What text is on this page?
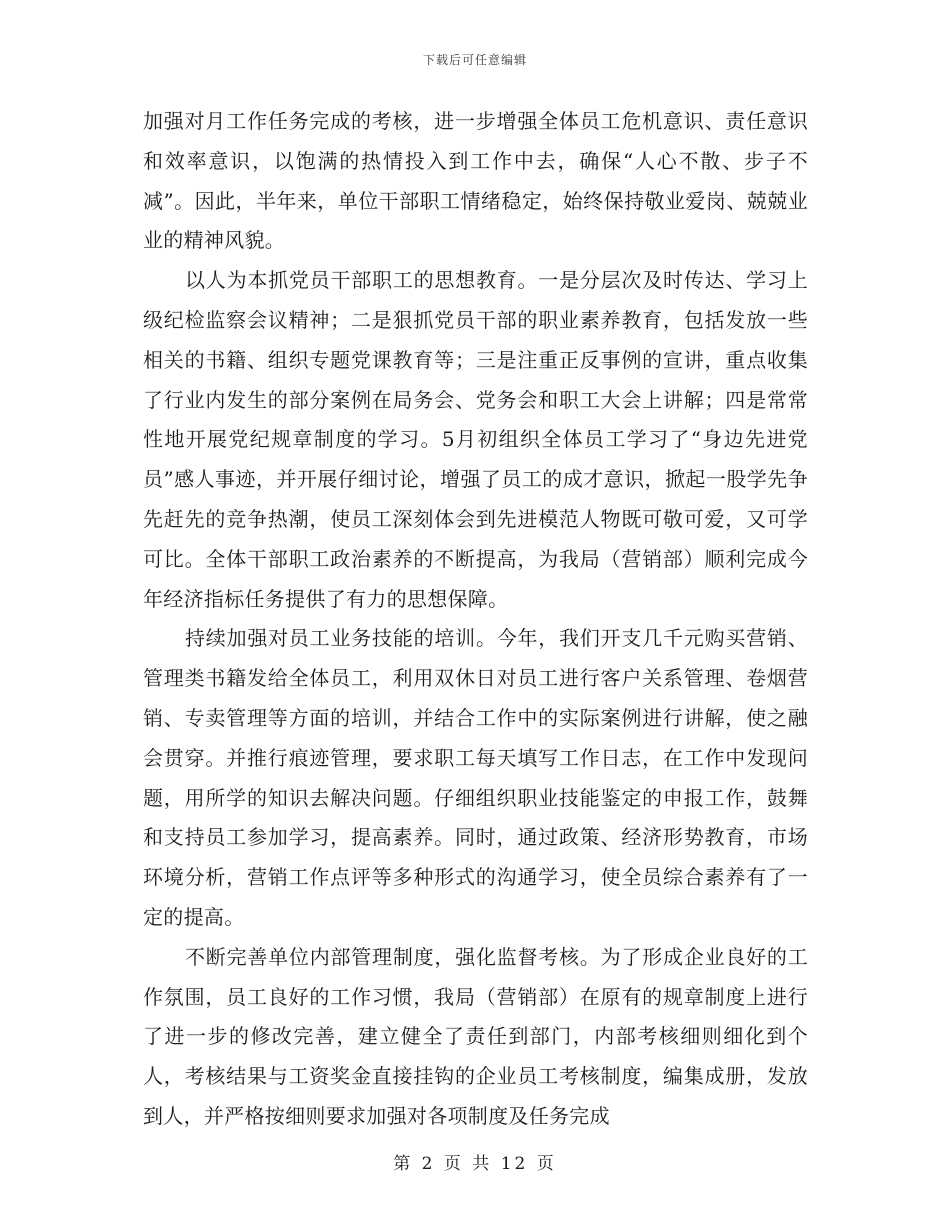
下载后可任意编辑

加强对月工作任务完成的考核，进一步增强全体员工危机意识、责任意识和效率意识，以饱满的热情投入到工作中去，确保“人心不散、步子不减”。因此，半年来，单位干部职工情绪稳定，始终保持敬业爱岗、兢兢业业的精神风貌。

以人为本抓党员干部职工的思想教育。一是分层次及时传达、学习上级纪检监察会议精神；二是狠抓党员干部的职业素养教育，包括发放一些相关的书籍、组织专题党课教育等；三是注重正反事例的宣讲，重点收集了行业内发生的部分案例在局务会、党务会和职工大会上讲解；四是常常性地开展党纪规章制度的学习。5月初组织全体员工学习了“身边先进党员”感人事迹，并开展仔细讨论，增强了员工的成才意识，掀起一股学先争先赶先的竞争热潮，使员工深刻体会到先进模范人物既可敬可爱，又可学可比。全体干部职工政治素养的不断提高，为我局（营销部）顺利完成今年经济指标任务提供了有力的思想保障。

持续加强对员工业务技能的培训。今年，我们开支几千元购买营销、管理类书籍发给全体员工，利用双休日对员工进行客户关系管理、卷烟营销、专卖管理等方面的培训，并结合工作中的实际案例进行讲解，使之融会贯穿。并推行痕迹管理，要求职工每天填写工作日志，在工作中发现问题，用所学的知识去解决问题。仔细组织职业技能鉴定的申报工作，鼓舞和支持员工参加学习，提高素养。同时，通过政策、经济形势教育，市场环境分析，营销工作点评等多种形式的沟通学习，使全员综合素养有了一定的提高。

不断完善单位内部管理制度，强化监督考核。为了形成企业良好的工作氛围，员工良好的工作习惯，我局（营销部）在原有的规章制度上进行了进一步的修改完善，建立健全了责任到部门，内部考核细则细化到个人，考核结果与工资奖金直接挂钩的企业员工考核制度，编集成册，发放到人，并严格按细则要求加强对各项制度及任务完成

第 2 页 共 12 页
